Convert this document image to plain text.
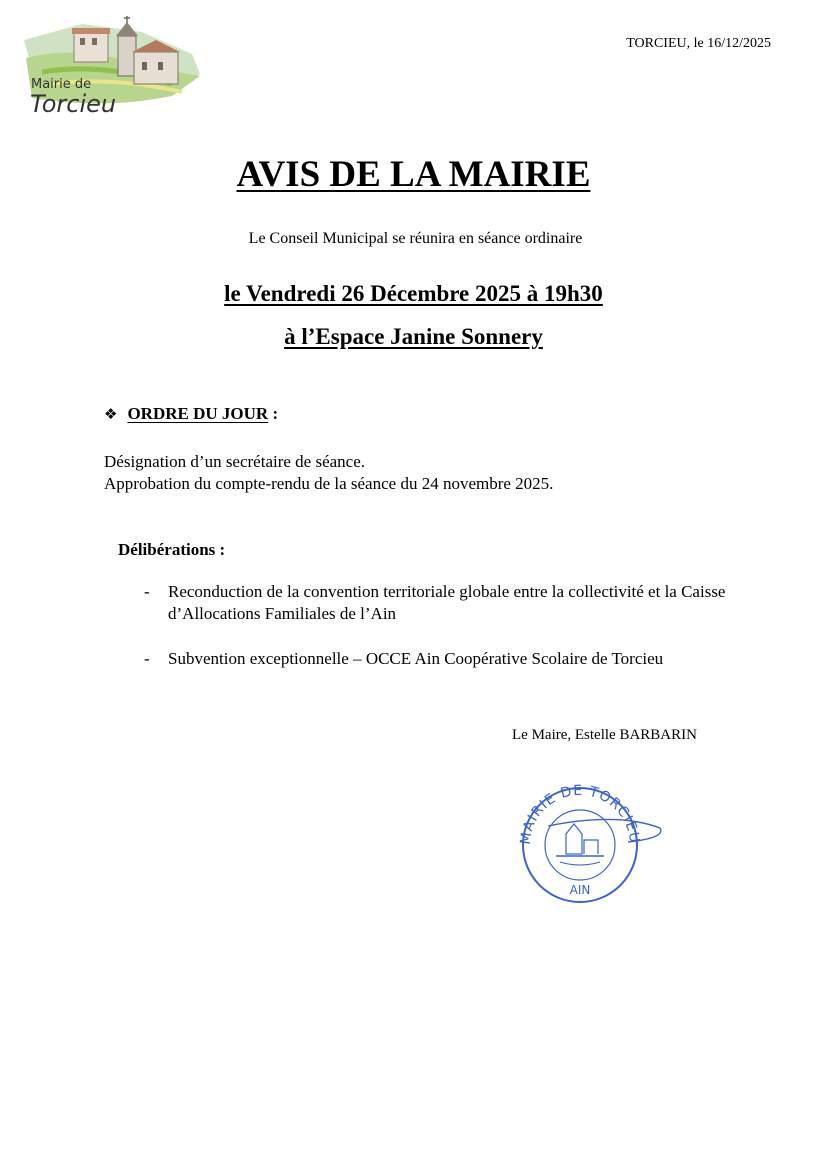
Mairie de
Torcieu
TORCIEU, le 16/12/2025
AVIS DE LA MAIRIE
Le Conseil Municipal se réunira en séance ordinaire
le Vendredi 26 Décembre 2025 à 19h30
à l’Espace Janine Sonnery
❖ ORDRE DU JOUR :
Désignation d’un secrétaire de séance.
Approbation du compte-rendu de la séance du 24 novembre 2025.
Délibérations :
-	Reconduction de la convention territoriale globale entre la collectivité et la Caisse d’Allocations Familiales de l’Ain
-	Subvention exceptionnelle – OCCE Ain Coopérative Scolaire de Torcieu
Le Maire, Estelle BARBARIN
MAIRIE DE TORCIEU
AIN
